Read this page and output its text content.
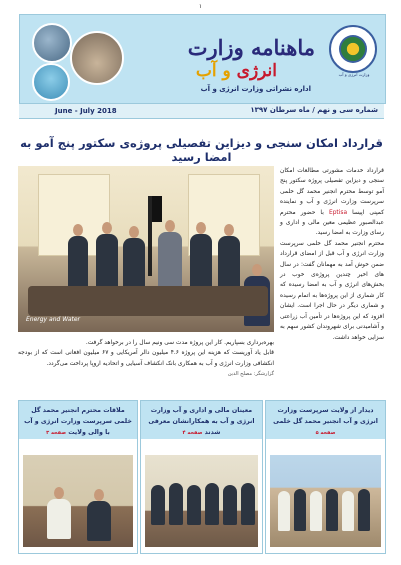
۱
ماهنامه وزارت
انرژی و آب
اداره نشراتی وزارت انرژی و آب
وزارت انرژی و آب
شماره سی و نهم / ماه سرطان ۱۳۹۷
June - July 2018
قرارداد امکان سنجی و دیزاین تفصیلی پروژه‌ی سکتور پنج آمو به امضا رسید
Energy and Water
قرارداد خدمات مشورتی مطالعات امکان سنجی و دیزاین تفصیلی پروژه سکتور پنج آمو توسط محترم انجنیر محمد گل خلمی سرپرست وزارت انرژی و آب و نماینده کمپنی اپیسا Eptisa با حضور محترم عبدالصبور عظیمی معین مالی و اداری و رسای وزارت به امضا رسید.
محترم انجنیر محمد گل خلمی سرپرست وزارت انرژی و آب قبل از امضای قرارداد ضمن خوش آمد به مهمانان گفت: در سال های اخیر چندین پروژه‌ی خوب در بخش‌های انرژی و آب به امضا رسیده که کار شماری از این پروژه‌ها به اتمام رسیده و شماری دیگر در حال اجرا است. ایشان افزود که این پروژه‌ها در تأمین آب زراعتی و آشامیدنی برای شهروندان کشور سهم به سزایی خواهد داشت.
بهره‌برداری بسپاریم. کار این پروژه مدت سی ونیم سال را در برخواهد گرفت.
قابل یاد آوریست که هزینه این پروژه ۴.۶ میلیون دالر آمریکایی و ۶۷ میلیون افغانی است که از بودجه انکشافی وزارت انرژی و آب به همکاری بانک انکشاف آسیایی و اتحادیه اروپا پرداخت می‌گردد.
گزارشگر: مصلح الدین
ملاقات محترم انجنیر محمد گل خلمی سرپرست وزارت انرژی و آب با والی ولایت صفحه ۳
معینان مالی و اداری و آب وزارت انرژی و آب به همکارانشان معرفی شدند صفحه ۴
دیدار از ولایت سرپرست وزارت انرژی و آب انجنیر محمد گل خلمی صفحه ۵
